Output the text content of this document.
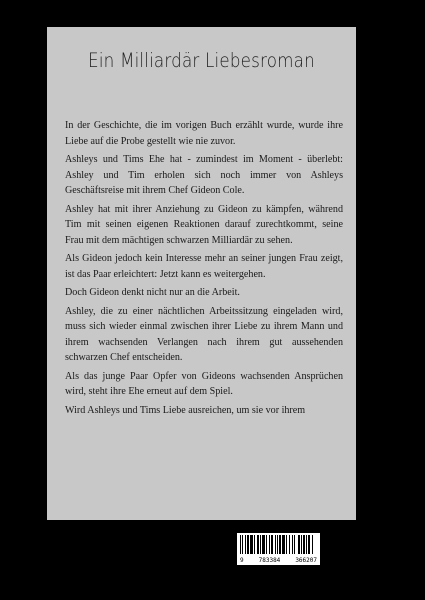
Ein Milliardär Liebesroman

In der Geschichte, die im vorigen Buch erzählt wurde, wurde ihre Liebe auf die Probe gestellt wie nie zuvor.

Ashleys und Tims Ehe hat - zumindest im Moment - überlebt: Ashley und Tim erholen sich noch immer von Ashleys Geschäftsreise mit ihrem Chef Gideon Cole.

Ashley hat mit ihrer Anziehung zu Gideon zu kämpfen, während Tim mit seinen eigenen Reaktionen darauf zurechtkommt, seine Frau mit dem mächtigen schwarzen Milliardär zu sehen.

Als Gideon jedoch kein Interesse mehr an seiner jungen Frau zeigt, ist das Paar erleichtert: Jetzt kann es weitergehen.

Doch Gideon denkt nicht nur an die Arbeit.

Ashley, die zu einer nächtlichen Arbeitssitzung eingeladen wird, muss sich wieder einmal zwischen ihrer Liebe zu ihrem Mann und ihrem wachsenden Verlangen nach ihrem gut aussehenden schwarzen Chef entscheiden.

Als das junge Paar Opfer von Gideons wachsenden Ansprüchen wird, steht ihre Ehe erneut auf dem Spiel.

Wird Ashleys und Tims Liebe ausreichen, um sie vor ihrem

9	783384	366207
